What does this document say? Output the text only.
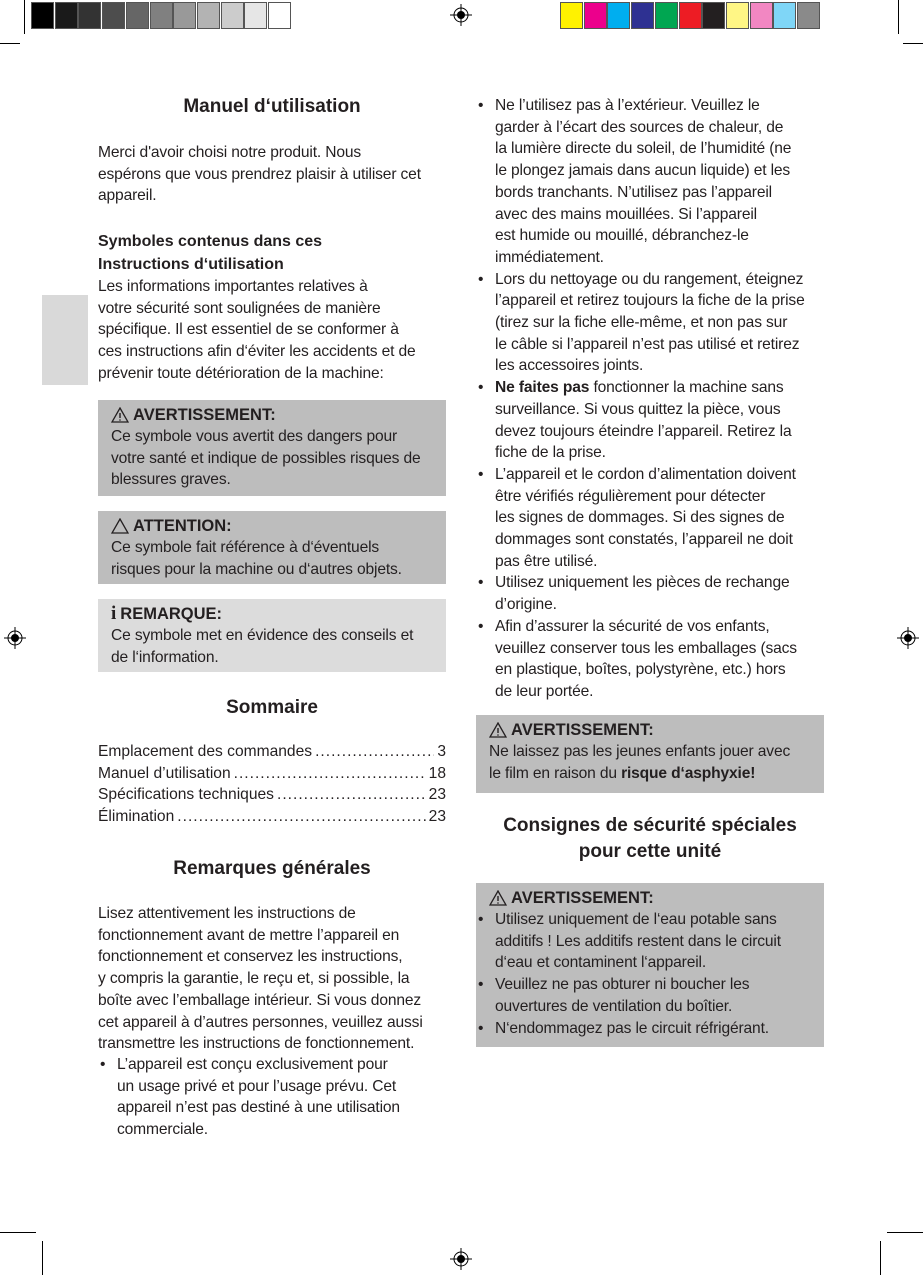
Manuel d‘utilisation
Merci d'avoir choisi notre produit. Nous
espérons que vous prendrez plaisir à utiliser cet
appareil.
Symboles contenus dans ces
Instructions d‘utilisation
Les informations importantes relatives à
votre sécurité sont soulignées de manière
spécifique. Il est essentiel de se conformer à
ces instructions afin d‘éviter les accidents et de
prévenir toute détérioration de la machine:
AVERTISSEMENT:
Ce symbole vous avertit des dangers pour
votre santé et indique de possibles risques de
blessures graves.
ATTENTION:
Ce symbole fait référence à d‘éventuels
risques pour la machine ou d‘autres objets.
i REMARQUE:
Ce symbole met en évidence des conseils et
de l‘information.
Sommaire
Emplacement des commandes .....	3
Manuel d’utilisation .....	18
Spécifications techniques .....	23
Élimination .....	23
Remarques générales
Lisez attentivement les instructions de
fonctionnement avant de mettre l’appareil en
fonctionnement et conservez les instructions,
y compris la garantie, le reçu et, si possible, la
boîte avec l’emballage intérieur. Si vous donnez
cet appareil à d’autres personnes, veuillez aussi
transmettre les instructions de fonctionnement.
• L’appareil est conçu exclusivement pour
un usage privé et pour l’usage prévu. Cet
appareil n’est pas destiné à une utilisation
commerciale.
• Ne l’utilisez pas à l’extérieur. Veuillez le
garder à l’écart des sources de chaleur, de
la lumière directe du soleil, de l’humidité (ne
le plongez jamais dans aucun liquide) et les
bords tranchants. N’utilisez pas l’appareil
avec des mains mouillées. Si l’appareil
est humide ou mouillé, débranchez-le
immédiatement.
• Lors du nettoyage ou du rangement, éteignez
l’appareil et retirez toujours la fiche de la prise
(tirez sur la fiche elle-même, et non pas sur
le câble si l’appareil n’est pas utilisé et retirez
les accessoires joints.
• Ne faites pas fonctionner la machine sans
surveillance. Si vous quittez la pièce, vous
devez toujours éteindre l’appareil. Retirez la
fiche de la prise.
• L’appareil et le cordon d’alimentation doivent
être vérifiés régulièrement pour détecter
les signes de dommages. Si des signes de
dommages sont constatés, l’appareil ne doit
pas être utilisé.
• Utilisez uniquement les pièces de rechange
d’origine.
• Afin d’assurer la sécurité de vos enfants,
veuillez conserver tous les emballages (sacs
en plastique, boîtes, polystyrène, etc.) hors
de leur portée.
AVERTISSEMENT:
Ne laissez pas les jeunes enfants jouer avec
le film en raison du risque d‘asphyxie!
Consignes de sécurité spéciales
pour cette unité
AVERTISSEMENT:
• Utilisez uniquement de l‘eau potable sans
additifs ! Les additifs restent dans le circuit
d‘eau et contaminent l‘appareil.
• Veuillez ne pas obturer ni boucher les
ouvertures de ventilation du boîtier.
• N‘endommagez pas le circuit réfrigérant.
